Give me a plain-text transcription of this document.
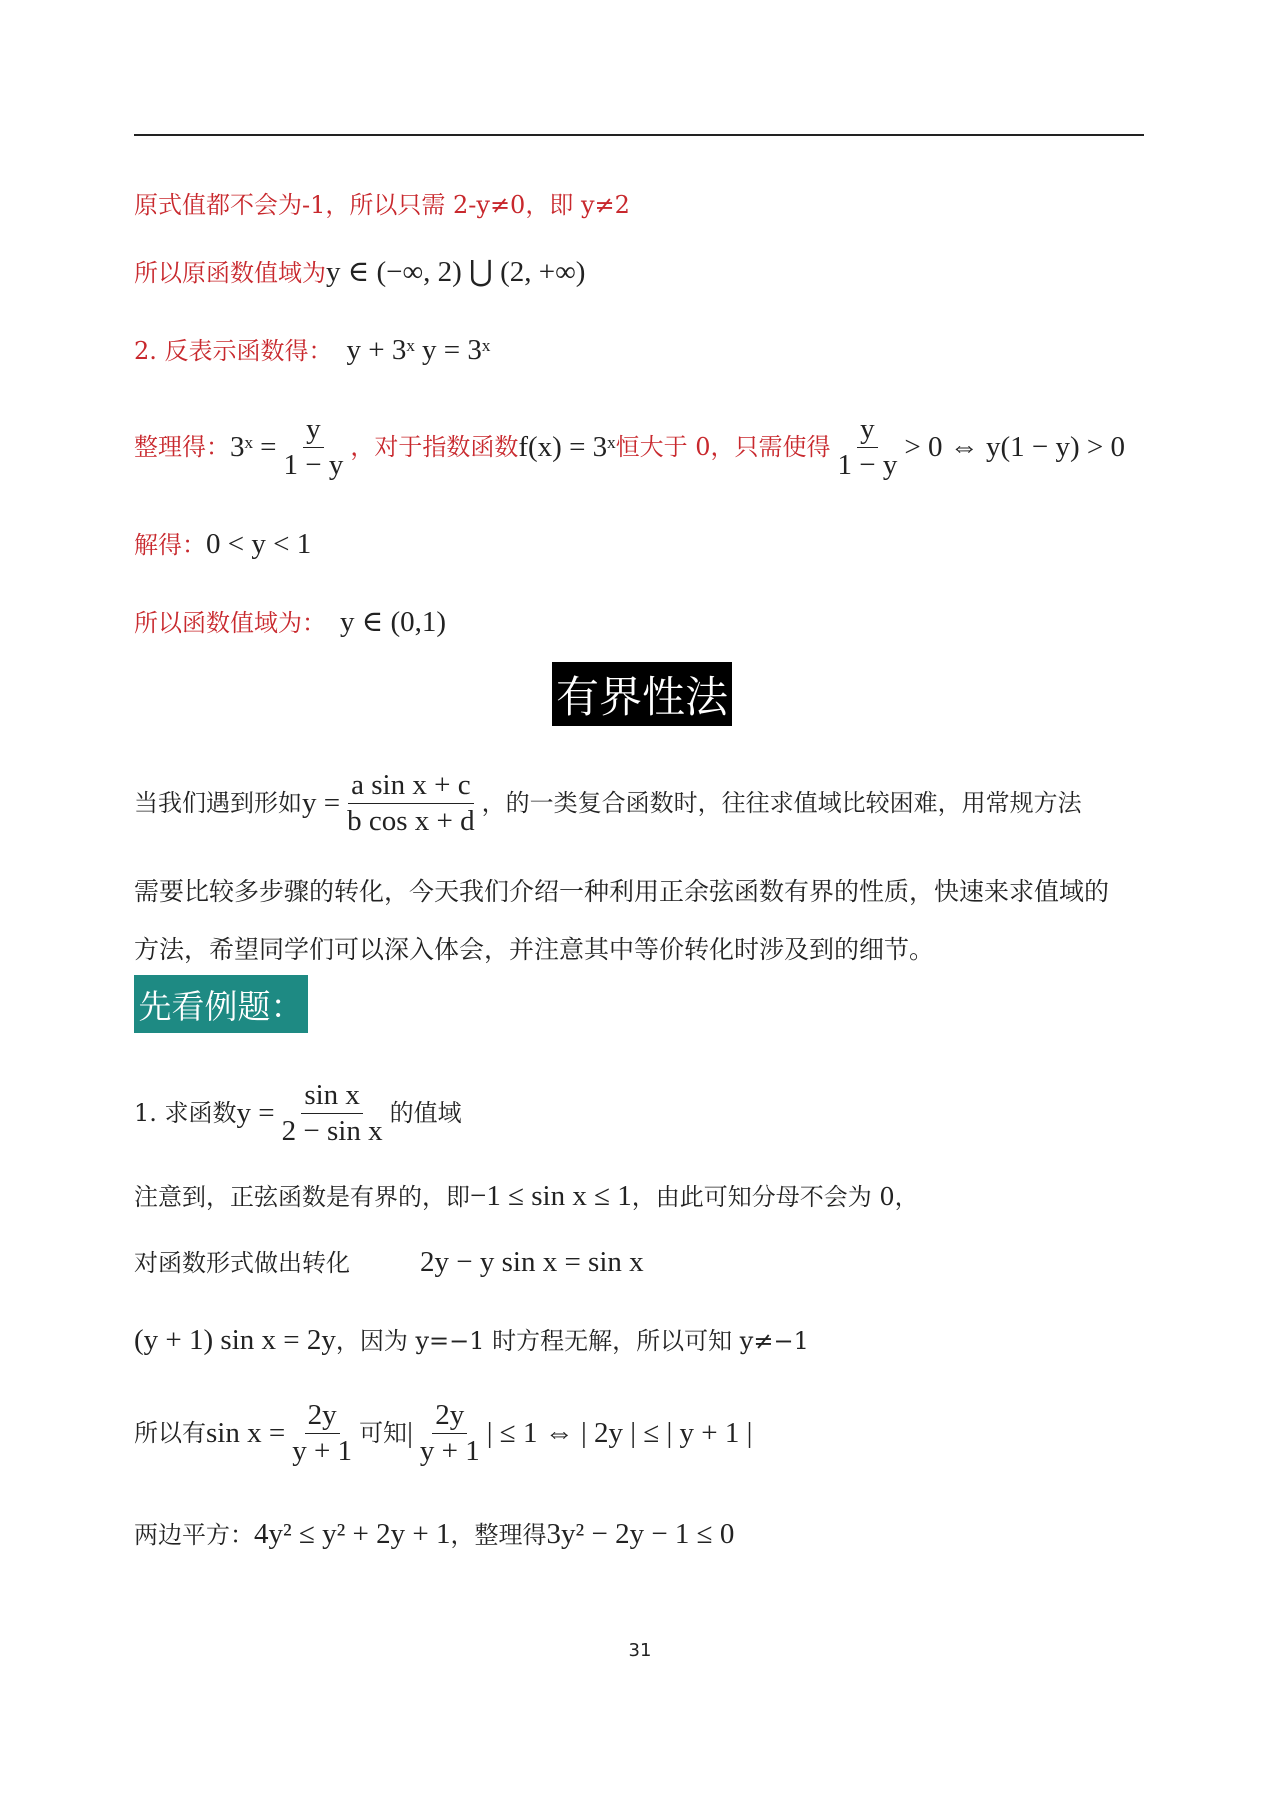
原式值都不会为-1，所以只需 2-y≠0，即 y≠2
所以原函数值域为 y ∈ (−∞, 2) ⋃ (2, +∞)
2. 反表示函数得： y + 3ˣ y = 3ˣ
整理得： 3ˣ = $\frac{y}{1 - y}$ ，对于指数函数 f(x) = 3ˣ 恒大于 0，只需使得 $\frac{y}{1 - y} > 0$ ⇔ y(1 − y) > 0
解得： 0 < y < 1
所以函数值域为： y ∈ (0,1)
有界性法
当我们遇到形如 $y = \frac{\text{a sin x + c}}{\text{b cos x + d}}$ ，的一类复合函数时，往往求值域比较困难，用常规方法
需要比较多步骤的转化，今天我们介绍一种利用正余弦函数有界的性质，快速来求值域的
方法，希望同学们可以深入体会，并注意其中等价转化时涉及到的细节。
先看例题：
1. 求函数 $y = \frac{\text{sin x}}{\text{2 − sin x}}$ 的值域
注意到，正弦函数是有界的，即 −1 ≤ sin x ≤ 1 ，由此可知分母不会为 0，
对函数形式做出转化 2y − y sin x = sin x
(y + 1) sin x = 2y ，因为 y=−1 时方程无解，所以可知 y≠−1
所以有 $\sin x = \frac{2y}{y + 1}$ 可知 | $\frac{2y}{y + 1}$ | ≤ 1 ⇔ | 2y | ≤ | y + 1 |
两边平方： 4y² ≤ y² + 2y + 1 ，整理得 3y² − 2y − 1 ≤ 0
31
